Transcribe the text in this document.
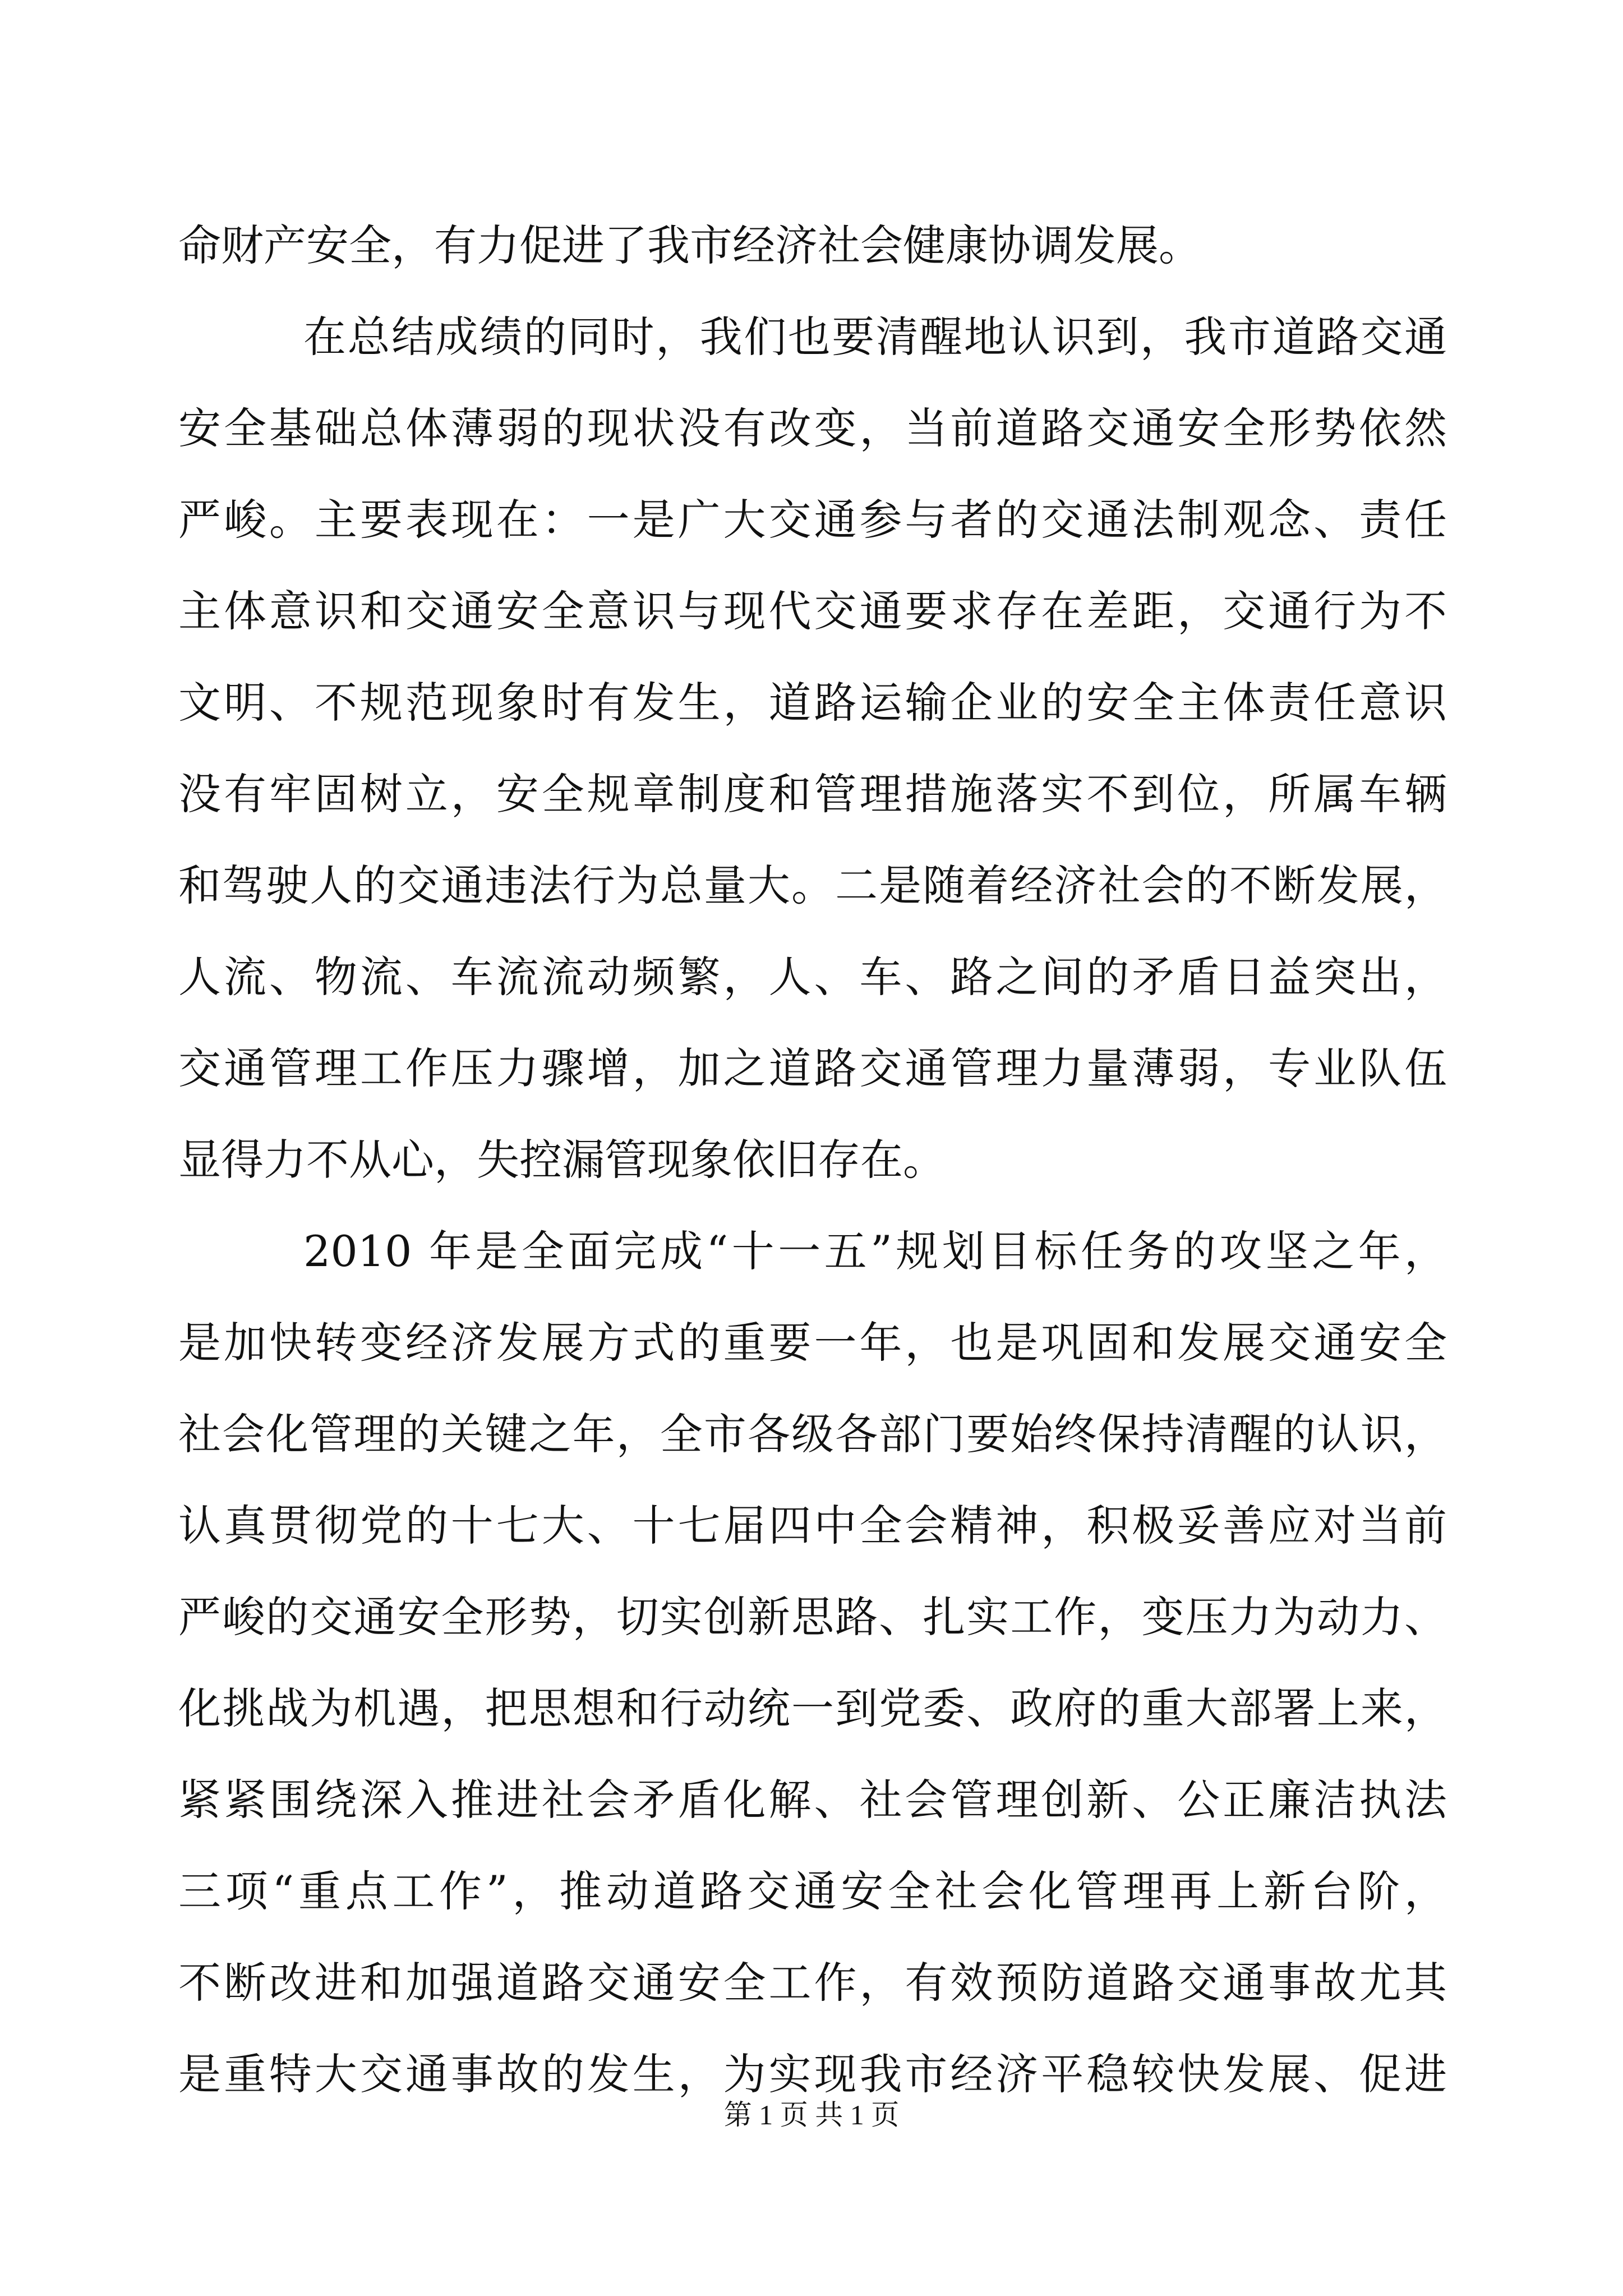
命财产安全，有力促进了我市经济社会健康协调发展。
在总结成绩的同时，我们也要清醒地认识到，我市道路交通
安全基础总体薄弱的现状没有改变，当前道路交通安全形势依然
严峻。主要表现在：一是广大交通参与者的交通法制观念、责任
主体意识和交通安全意识与现代交通要求存在差距，交通行为不
文明、不规范现象时有发生，道路运输企业的安全主体责任意识
没有牢固树立，安全规章制度和管理措施落实不到位，所属车辆
和驾驶人的交通违法行为总量大。二是随着经济社会的不断发展，
人流、物流、车流流动频繁，人、车、路之间的矛盾日益突出，
交通管理工作压力骤增，加之道路交通管理力量薄弱，专业队伍
显得力不从心，失控漏管现象依旧存在。
2010 年是全面完成“十一五”规划目标任务的攻坚之年，
是加快转变经济发展方式的重要一年，也是巩固和发展交通安全
社会化管理的关键之年，全市各级各部门要始终保持清醒的认识，
认真贯彻党的十七大、十七届四中全会精神，积极妥善应对当前
严峻的交通安全形势，切实创新思路、扎实工作，变压力为动力、
化挑战为机遇，把思想和行动统一到党委、政府的重大部署上来，
紧紧围绕深入推进社会矛盾化解、社会管理创新、公正廉洁执法
三项“重点工作”，推动道路交通安全社会化管理再上新台阶，
不断改进和加强道路交通安全工作，有效预防道路交通事故尤其
是重特大交通事故的发生，为实现我市经济平稳较快发展、促进
第 1 页 共 1 页
